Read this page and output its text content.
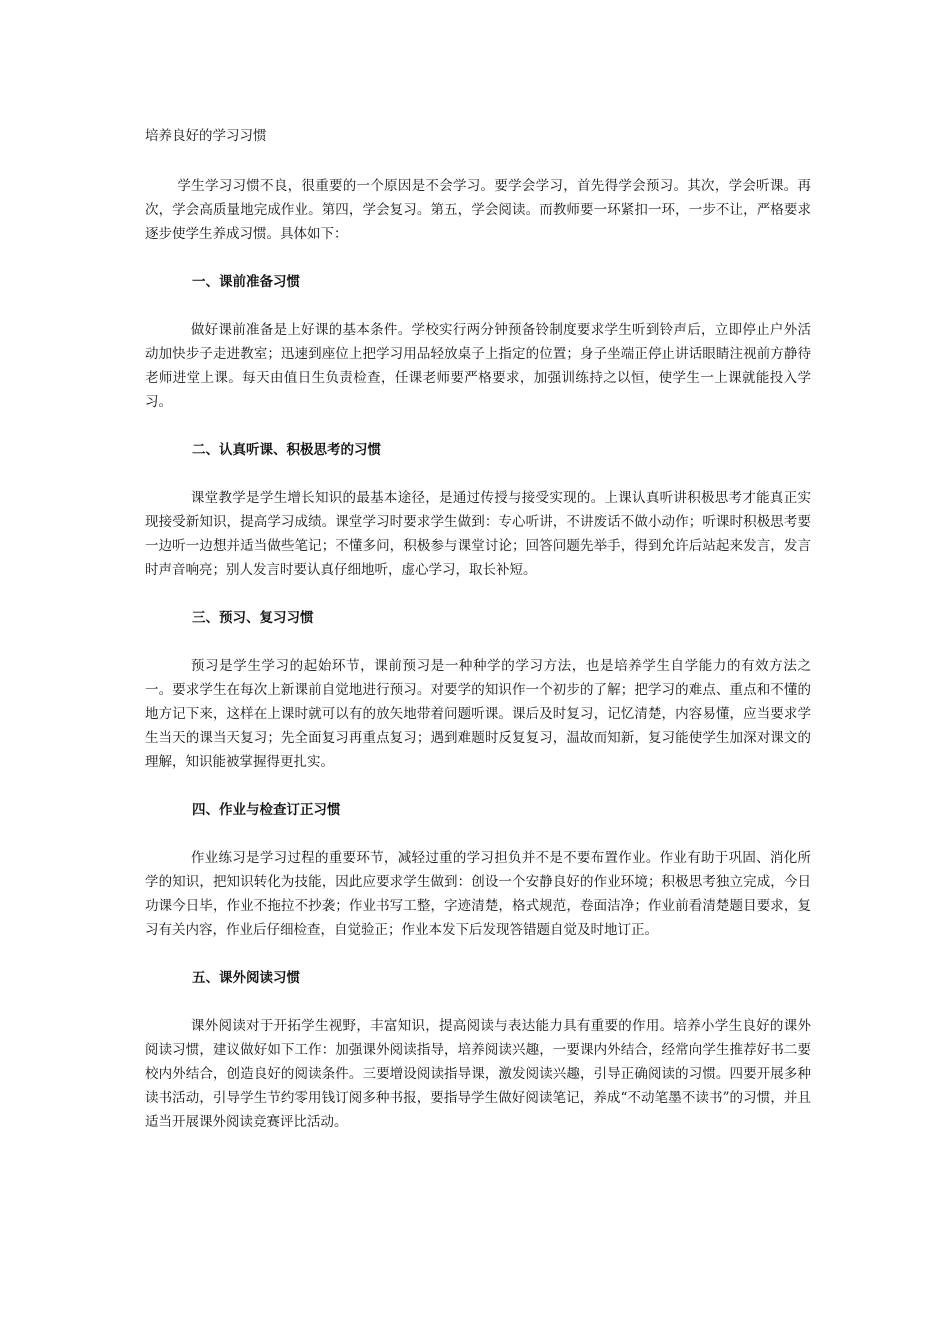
培养良好的学习习惯

学生学习习惯不良，很重要的一个原因是不会学习。要学会学习，首先得学会预习。其次，学会听课。再次，学会高质量地完成作业。第四，学会复习。第五，学会阅读。而教师要一环紧扣一环，一步不让，严格要求逐步使学生养成习惯。具体如下：

一、课前准备习惯

做好课前准备是上好课的基本条件。学校实行两分钟预备铃制度要求学生听到铃声后，立即停止户外活动加快步子走进教室；迅速到座位上把学习用品轻放桌子上指定的位置；身子坐端正停止讲话眼睛注视前方静待老师进堂上课。每天由值日生负责检查，任课老师要严格要求，加强训练持之以恒，使学生一上课就能投入学习。

二、认真听课、积极思考的习惯

课堂教学是学生增长知识的最基本途径，是通过传授与接受实现的。上课认真听讲积极思考才能真正实现接受新知识，提高学习成绩。课堂学习时要求学生做到：专心听讲，不讲废话不做小动作；听课时积极思考要一边听一边想并适当做些笔记；不懂多问，积极参与课堂讨论；回答问题先举手，得到允许后站起来发言，发言时声音响亮；别人发言时要认真仔细地听，虚心学习，取长补短。

三、预习、复习习惯

预习是学生学习的起始环节，课前预习是一种种学的学习方法，也是培养学生自学能力的有效方法之一。要求学生在每次上新课前自觉地进行预习。对要学的知识作一个初步的了解；把学习的难点、重点和不懂的地方记下来，这样在上课时就可以有的放矢地带着问题听课。课后及时复习，记忆清楚，内容易懂，应当要求学生当天的课当天复习；先全面复习再重点复习；遇到难题时反复复习，温故而知新，复习能使学生加深对课文的理解，知识能被掌握得更扎实。

四、作业与检查订正习惯

作业练习是学习过程的重要环节，减轻过重的学习担负并不是不要布置作业。作业有助于巩固、消化所学的知识，把知识转化为技能，因此应要求学生做到：创设一个安静良好的作业环境；积极思考独立完成，今日功课今日毕，作业不拖拉不抄袭；作业书写工整，字迹清楚，格式规范，卷面洁净；作业前看清楚题目要求，复习有关内容，作业后仔细检查，自觉验正；作业本发下后发现答错题自觉及时地订正。

五、课外阅读习惯

课外阅读对于开拓学生视野，丰富知识，提高阅读与表达能力具有重要的作用。培养小学生良好的课外阅读习惯，建议做好如下工作：加强课外阅读指导，培养阅读兴趣，一要课内外结合，经常向学生推荐好书二要校内外结合，创造良好的阅读条件。三要增设阅读指导课，激发阅读兴趣，引导正确阅读的习惯。四要开展多种读书活动，引导学生节约零用钱订阅多种书报，要指导学生做好阅读笔记，养成“不动笔墨不读书”的习惯，并且适当开展课外阅读竞赛评比活动。
